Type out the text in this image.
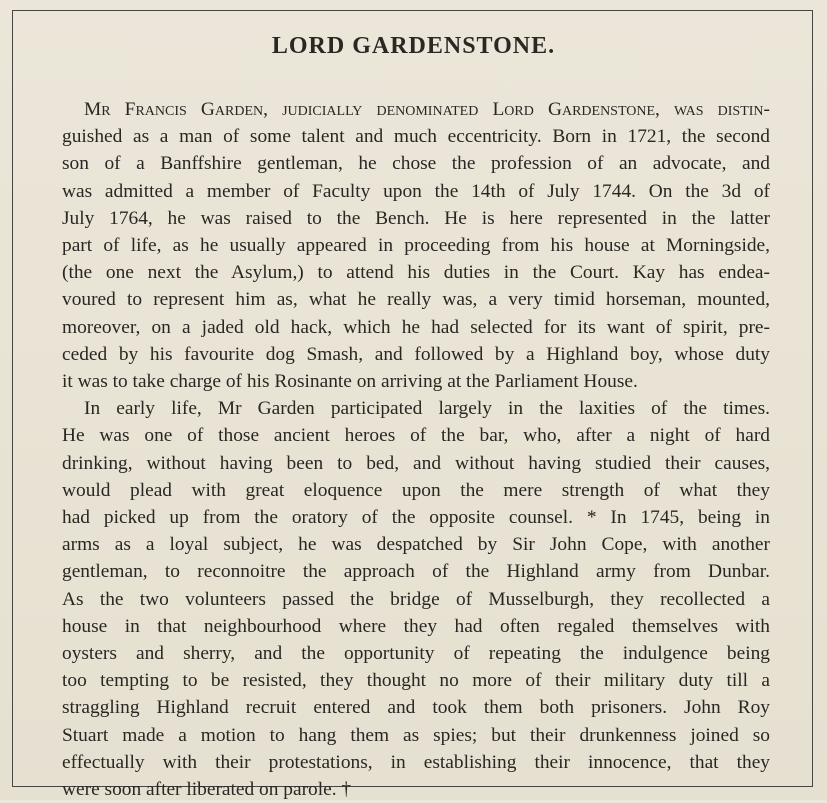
LORD GARDENSTONE.
Mr Francis Garden, judicially denominated Lord Gardenstone, was distin-
guished as a man of some talent and much eccentricity. Born in 1721, the second
son of a Banffshire gentleman, he chose the profession of an advocate, and
was admitted a member of Faculty upon the 14th of July 1744. On the 3d of
July 1764, he was raised to the Bench. He is here represented in the latter
part of life, as he usually appeared in proceeding from his house at Morningside,
(the one next the Asylum,) to attend his duties in the Court. Kay has endea-
voured to represent him as, what he really was, a very timid horseman, mounted,
moreover, on a jaded old hack, which he had selected for its want of spirit, pre-
ceded by his favourite dog Smash, and followed by a Highland boy, whose duty
it was to take charge of his Rosinante on arriving at the Parliament House.
In early life, Mr Garden participated largely in the laxities of the times.
He was one of those ancient heroes of the bar, who, after a night of hard
drinking, without having been to bed, and without having studied their causes,
would plead with great eloquence upon the mere strength of what they
had picked up from the oratory of the opposite counsel. * In 1745, being in
arms as a loyal subject, he was despatched by Sir John Cope, with another
gentleman, to reconnoitre the approach of the Highland army from Dunbar.
As the two volunteers passed the bridge of Musselburgh, they recollected a
house in that neighbourhood where they had often regaled themselves with
oysters and sherry, and the opportunity of repeating the indulgence being
too tempting to be resisted, they thought no more of their military duty till a
straggling Highland recruit entered and took them both prisoners. John Roy
Stuart made a motion to hang them as spies; but their drunkenness joined so
effectually with their protestations, in establishing their innocence, that they
were soon after liberated on parole. †
